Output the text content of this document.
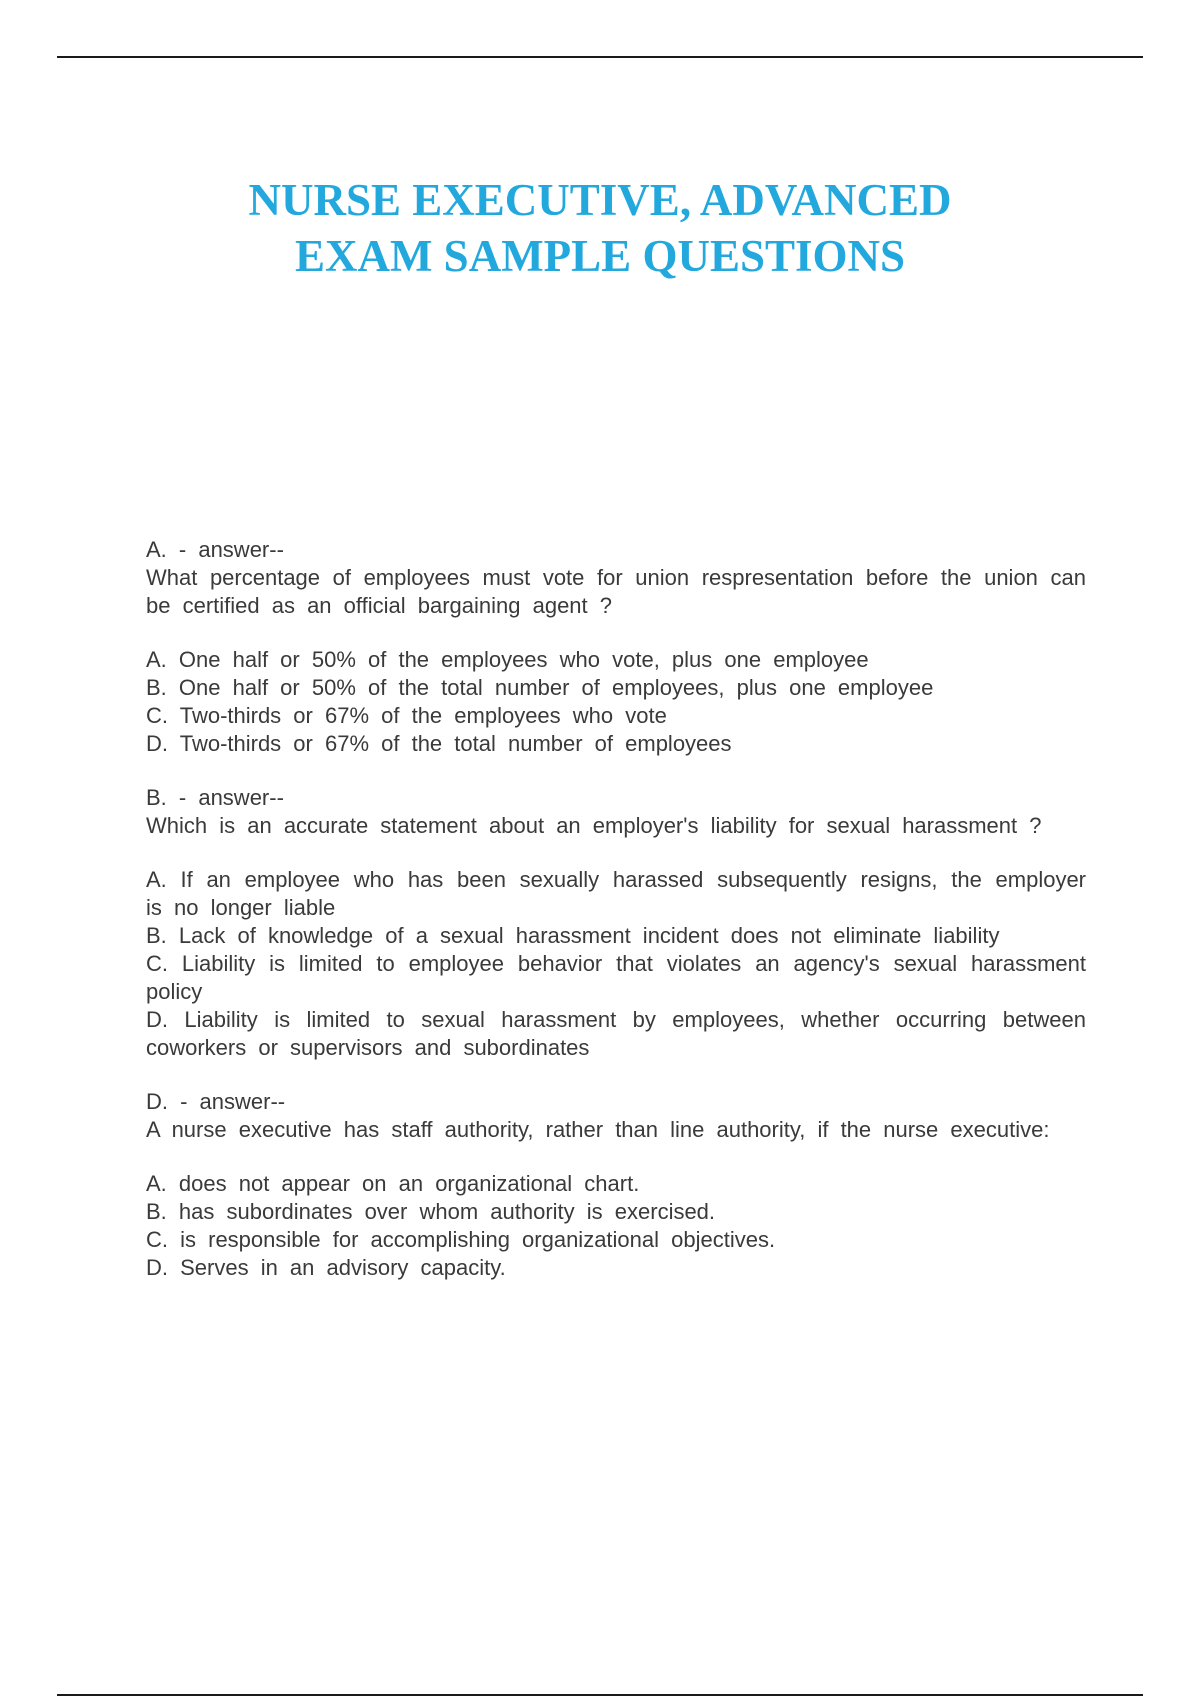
NURSE EXECUTIVE, ADVANCED
EXAM SAMPLE QUESTIONS
A. - answer--
What percentage of employees must vote for union respresentation before the union can be certified as an official bargaining agent ?
A. One half or 50% of the employees who vote, plus one employee
B. One half or 50% of the total number of employees, plus one employee
C. Two-thirds or 67% of the employees who vote
D. Two-thirds or 67% of the total number of employees
B. - answer--
Which is an accurate statement about an employer's liability for sexual harassment ?
A. If an employee who has been sexually harassed subsequently resigns, the employer is no longer liable
B. Lack of knowledge of a sexual harassment incident does not eliminate liability
C. Liability is limited to employee behavior that violates an agency's sexual harassment policy
D. Liability is limited to sexual harassment by employees, whether occurring between coworkers or supervisors and subordinates
D. - answer--
A nurse executive has staff authority, rather than line authority, if the nurse executive:
A. does not appear on an organizational chart.
B. has subordinates over whom authority is exercised.
C. is responsible for accomplishing organizational objectives.
D. Serves in an advisory capacity.
